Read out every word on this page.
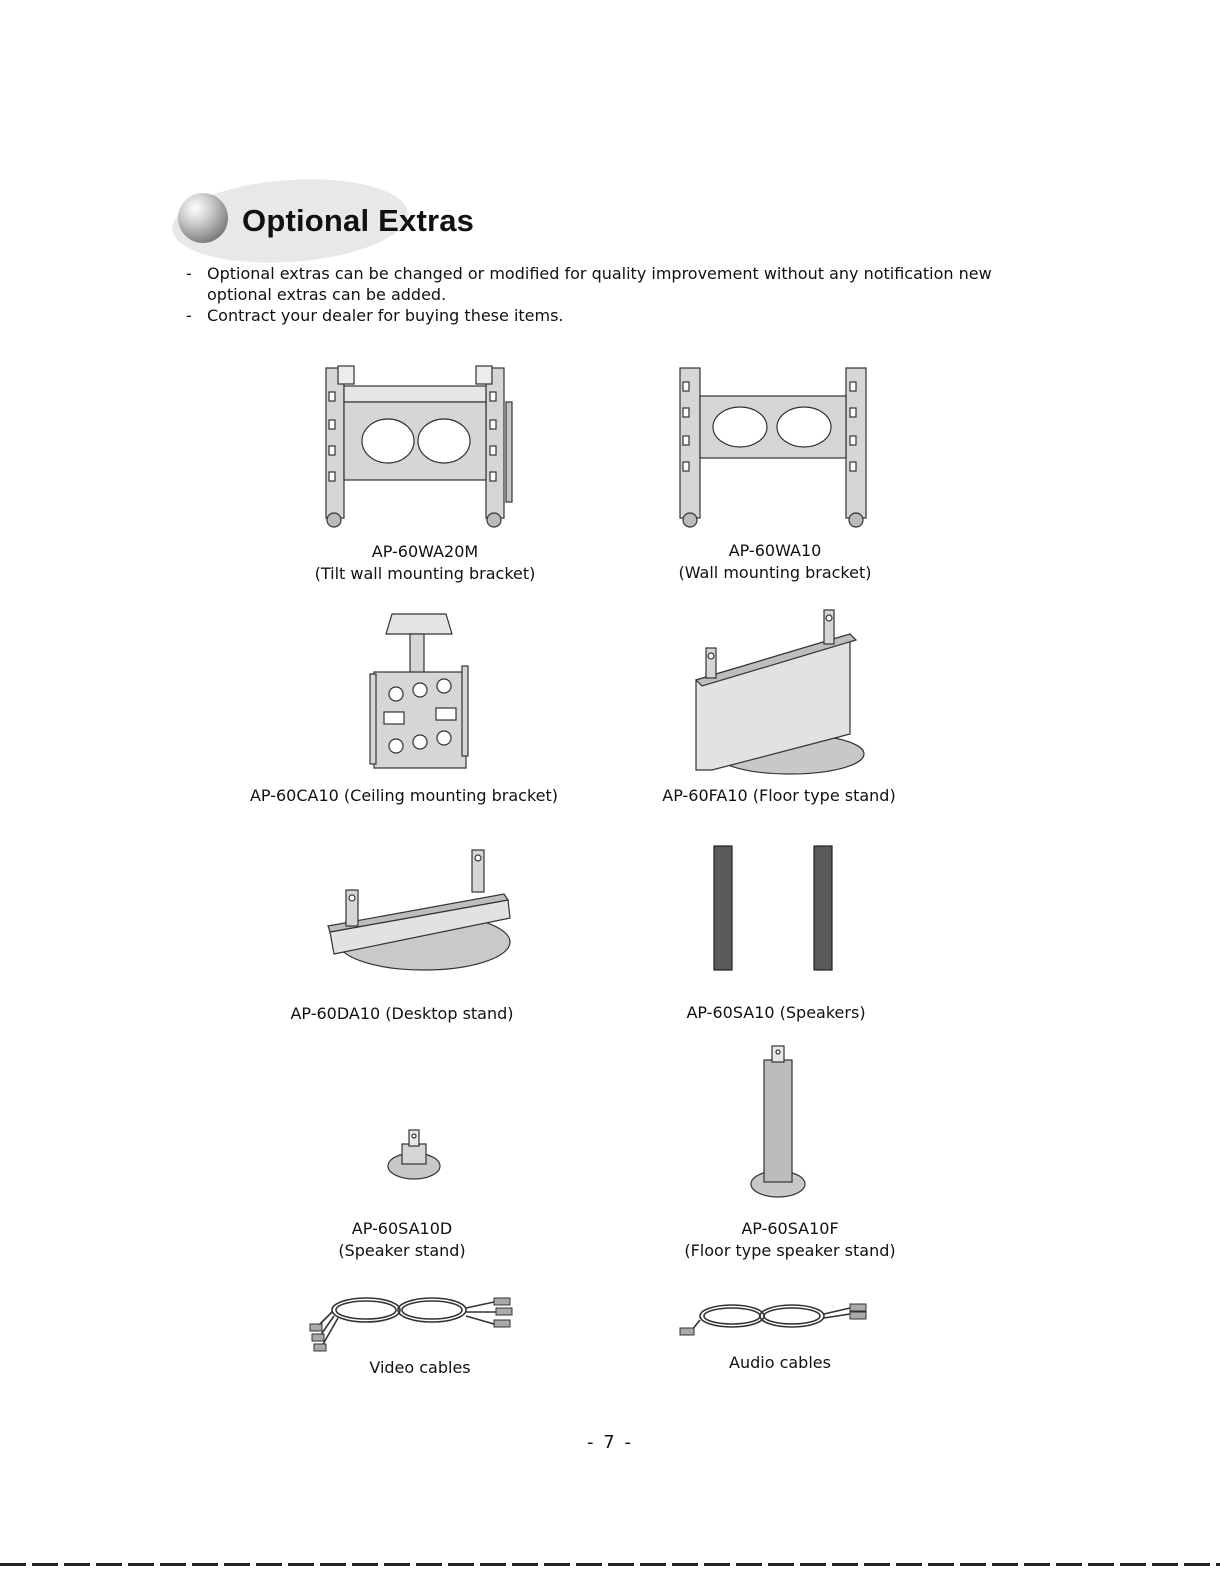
Optional Extras
- Optional extras can be changed or modified for quality improvement without any notification new
optional extras can be added.
- Contract your dealer for buying these items.
AP-60WA20M
(Tilt wall mounting bracket)
AP-60WA10
(Wall mounting bracket)
AP-60CA10 (Ceiling mounting bracket)	AP-60FA10 (Floor type stand)
AP-60DA10 (Desktop stand)	AP-60SA10 (Speakers)
AP-60SA10D
(Speaker stand)
AP-60SA10F
(Floor type speaker stand)
Video cables	Audio cables
- 7 -
